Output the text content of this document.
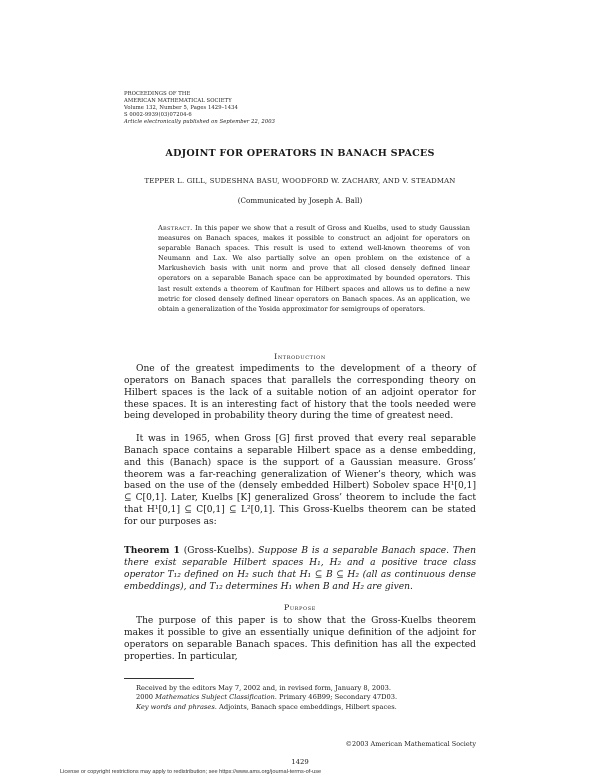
PROCEEDINGS OF THE
AMERICAN MATHEMATICAL SOCIETY
Volume 132, Number 5, Pages 1429–1434
S 0002-9939(03)07204-6
Article electronically published on September 22, 2003
ADJOINT FOR OPERATORS IN BANACH SPACES
TEPPER L. GILL, SUDESHNA BASU, WOODFORD W. ZACHARY, AND V. STEADMAN
(Communicated by Joseph A. Ball)
Abstract. In this paper we show that a result of Gross and Kuelbs, used to study Gaussian measures on Banach spaces, makes it possible to construct an adjoint for operators on separable Banach spaces. This result is used to extend well-known theorems of von Neumann and Lax. We also partially solve an open problem on the existence of a Markushevich basis with unit norm and prove that all closed densely defined linear operators on a separable Banach space can be approximated by bounded operators. This last result extends a theorem of Kaufman for Hilbert spaces and allows us to define a new metric for closed densely defined linear operators on Banach spaces. As an application, we obtain a generalization of the Yosida approximator for semigroups of operators.
Introduction
One of the greatest impediments to the development of a theory of operators on Banach spaces that parallels the corresponding theory on Hilbert spaces is the lack of a suitable notion of an adjoint operator for these spaces. It is an interesting fact of history that the tools needed were being developed in probability theory during the time of greatest need.
It was in 1965, when Gross [G] first proved that every real separable Banach space contains a separable Hilbert space as a dense embedding, and this (Banach) space is the support of a Gaussian measure. Gross’ theorem was a far-reaching generalization of Wiener’s theory, which was based on the use of the (densely embedded Hilbert) Sobolev space H¹[0,1] ⊆ C[0,1]. Later, Kuelbs [K] generalized Gross’ theorem to include the fact that H¹[0,1] ⊆ C[0,1] ⊆ L²[0,1]. This Gross-Kuelbs theorem can be stated for our purposes as:
Theorem 1 (Gross-Kuelbs). Suppose B is a separable Banach space. Then there exist separable Hilbert spaces H₁, H₂ and a positive trace class operator T₁₂ defined on H₂ such that H₁ ⊆ B ⊆ H₂ (all as continuous dense embeddings), and T₁₂ determines H₁ when B and H₂ are given.
Purpose
The purpose of this paper is to show that the Gross-Kuelbs theorem makes it possible to give an essentially unique definition of the adjoint for operators on separable Banach spaces. This definition has all the expected properties. In particular,
Received by the editors May 7, 2002 and, in revised form, January 8, 2003.
2000 Mathematics Subject Classification. Primary 46B99; Secondary 47D03.
Key words and phrases. Adjoints, Banach space embeddings, Hilbert spaces.
©2003 American Mathematical Society
1429
License or copyright restrictions may apply to redistribution; see https://www.ams.org/journal-terms-of-use
